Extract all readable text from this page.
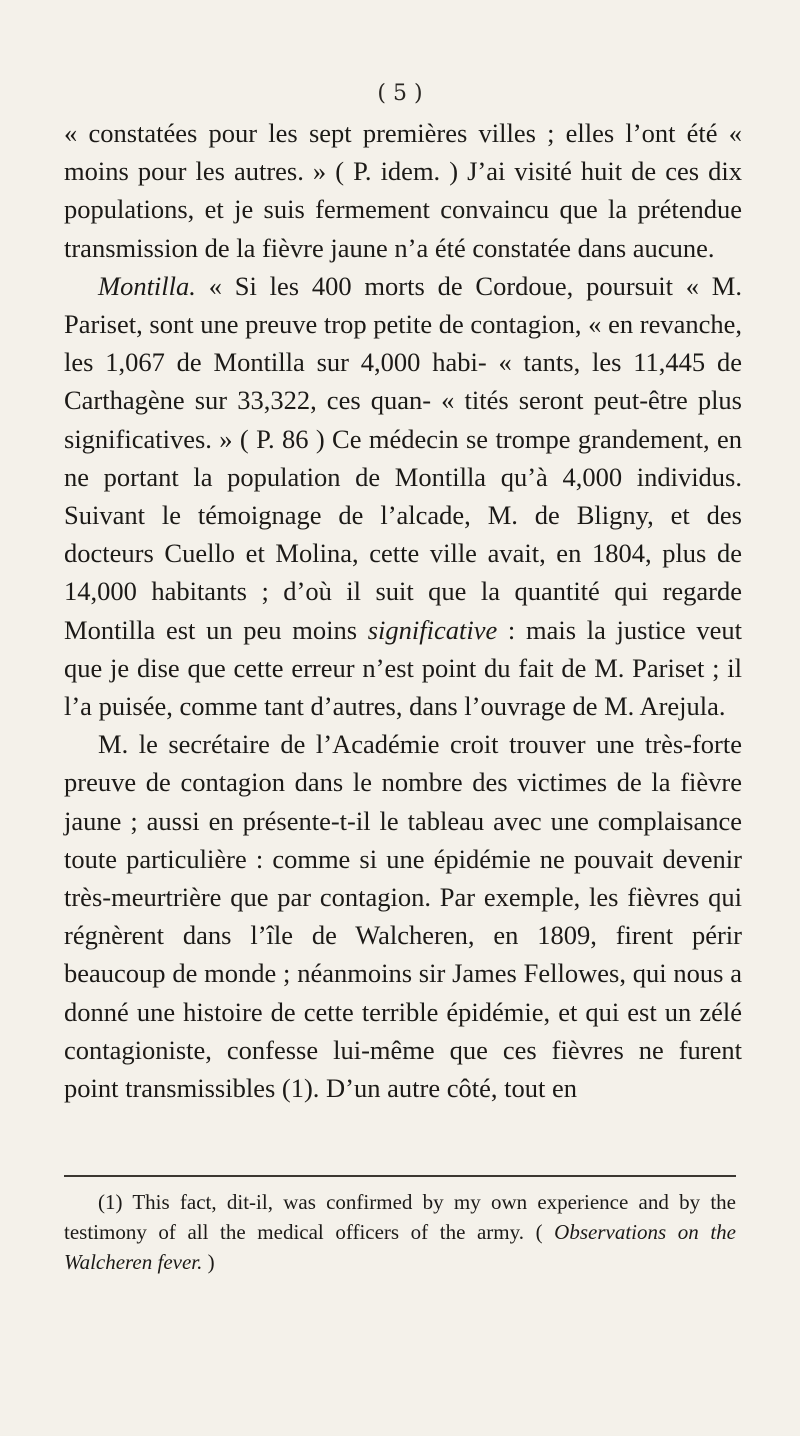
( 5 )

« constatées pour les sept premières villes ; elles l’ont été « moins pour les autres. » ( P. idem. ) J’ai visité huit de ces dix populations, et je suis fermement convaincu que la prétendue transmission de la fièvre jaune n’a été constatée dans aucune.

Montilla. « Si les 400 morts de Cordoue, poursuit « M. Pariset, sont une preuve trop petite de contagion, « en revanche, les 1,067 de Montilla sur 4,000 habi- « tants, les 11,445 de Carthagène sur 33,322, ces quan- « tités seront peut-être plus significatives. » ( P. 86 ) Ce médecin se trompe grandement, en ne portant la population de Montilla qu’à 4,000 individus. Suivant le témoignage de l’alcade, M. de Bligny, et des docteurs Cuello et Molina, cette ville avait, en 1804, plus de 14,000 habitants ; d’où il suit que la quantité qui regarde Montilla est un peu moins significative : mais la justice veut que je dise que cette erreur n’est point du fait de M. Pariset ; il l’a puisée, comme tant d’autres, dans l’ouvrage de M. Arejula.

M. le secrétaire de l’Académie croit trouver une très-forte preuve de contagion dans le nombre des victimes de la fièvre jaune ; aussi en présente-t-il le tableau avec une complaisance toute particulière : comme si une épidémie ne pouvait devenir très-meurtrière que par contagion. Par exemple, les fièvres qui régnèrent dans l’île de Walcheren, en 1809, firent périr beaucoup de monde ; néanmoins sir James Fellowes, qui nous a donné une histoire de cette terrible épidémie, et qui est un zélé contagioniste, confesse lui-même que ces fièvres ne furent point transmissibles (1). D’un autre côté, tout en

(1) This fact, dit-il, was confirmed by my own experience and by the testimony of all the medical officers of the army. ( Observations on the Walcheren fever. )
